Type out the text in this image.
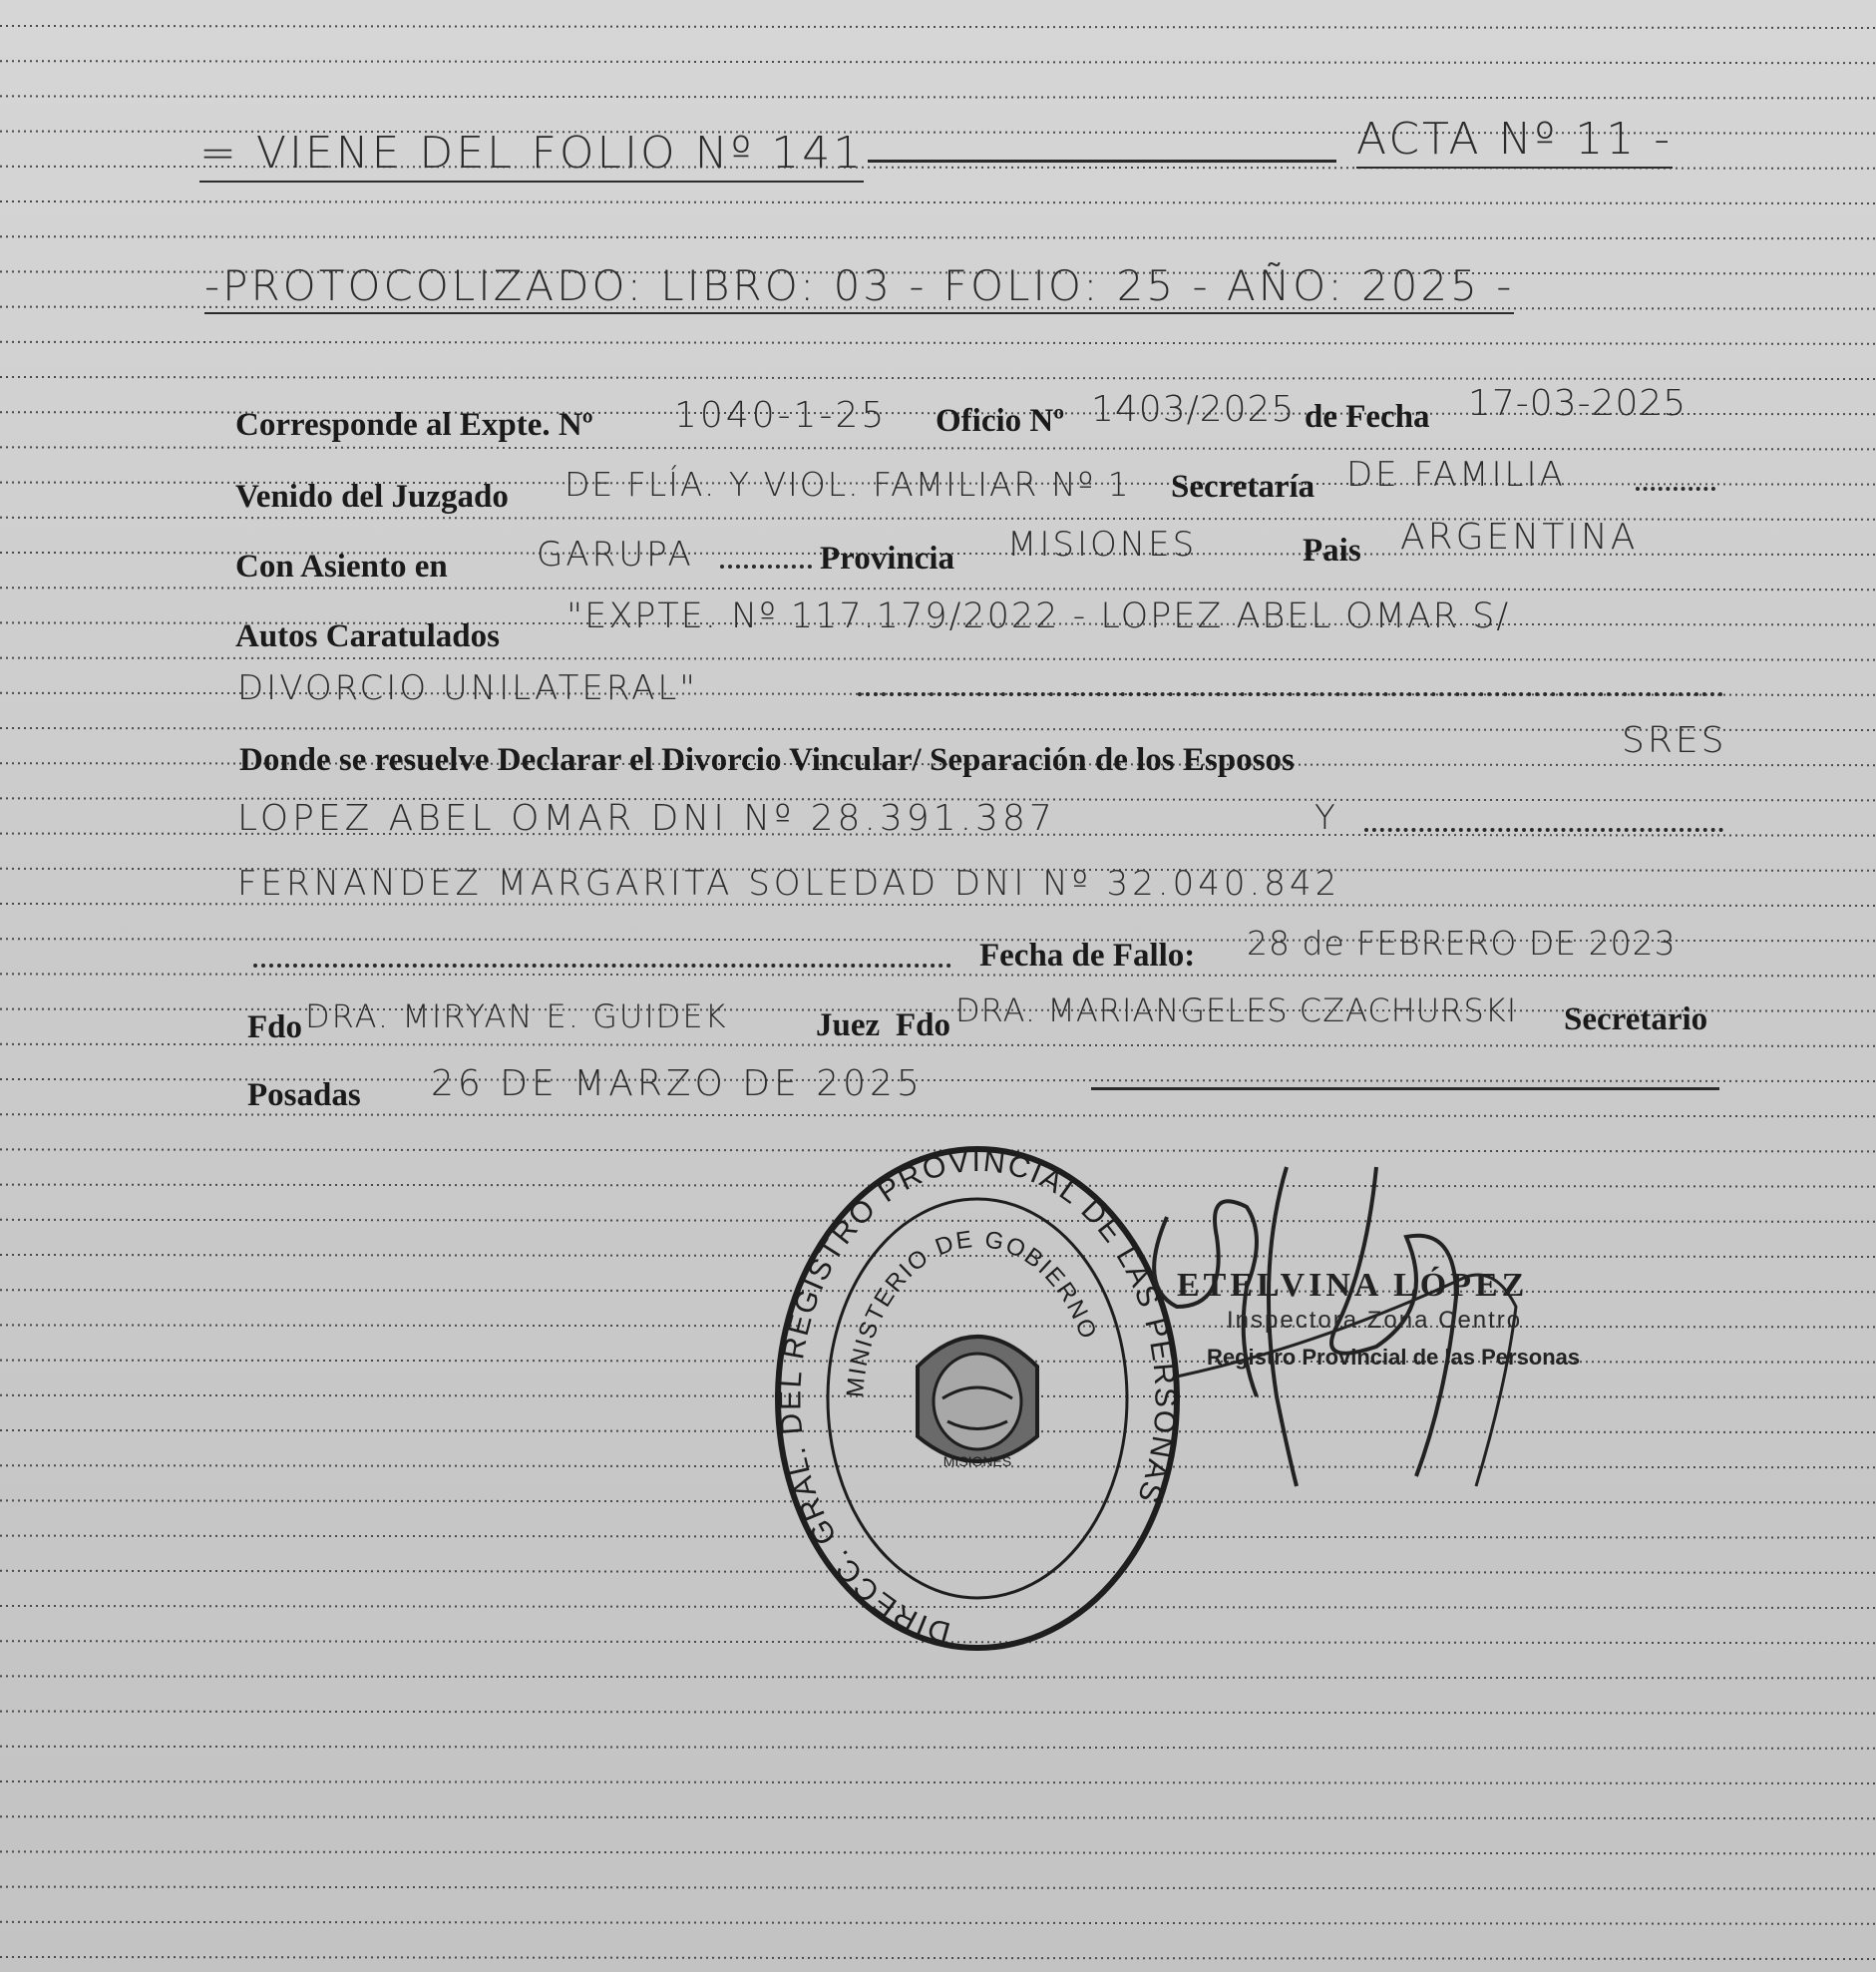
= VIENE DEL FOLIO Nº 141	ACTA Nº 11 -
-PROTOCOLIZADO: LIBRO: 03 - FOLIO: 25 - AÑO: 2025 -
Corresponde al Expte. Nº 1040-1-25 Oficio Nº 1403/2025 de Fecha 17-03-2025
Venido del Juzgado DE FLÍA. Y VIOL. FAMILIAR Nº 1 Secretaría DE FAMILIA
Con Asiento en	GARUPA	Provincia MISIONES	Pais ARGENTINA
Autos Caratulados "EXPTE. Nº 117.179/2022 - LOPEZ ABEL OMAR S/
DIVORCIO UNILATERAL"
Donde se resuelve Declarar el Divorcio Vincular/ Separación de los Esposos	SRES
LOPEZ ABEL OMAR DNI Nº 28.391.387	Y
FERNANDEZ MARGARITA SOLEDAD DNI Nº 32.040.842
Fecha de Fallo: 28 de FEBRERO DE 2023
Fdo DRA. MIRYAN E. GUIDEK	Juez Fdo DRA. MARIANGELES CZACHURSKI Secretario
Posadas 26 DE MARZO DE 2025
DIRECC. GRAL. DEL REGISTRO PROVINCIAL DE LAS PERSONAS
MINISTERIO DE GOBIERNO
MISIONES
ETELVINA LÓPEZ
Inspectora Zona Centro
Registro Provincial de las Personas
